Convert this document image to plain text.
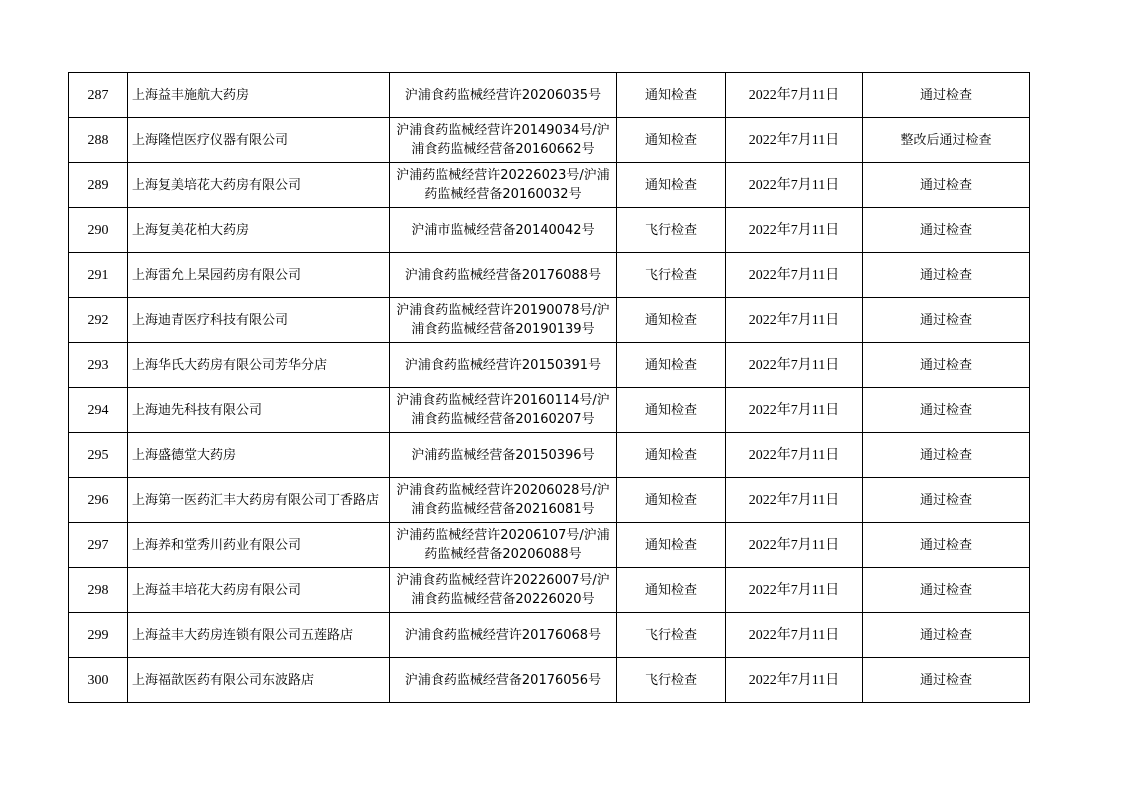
287	上海益丰施航大药房	沪浦食药监械经营许20206035号	通知检查	2022年7月11日	通过检查
288	上海隆恺医疗仪器有限公司	沪浦食药监械经营许20149034号/沪浦食药监械经营备20160662号	通知检查	2022年7月11日	整改后通过检查
289	上海复美培花大药房有限公司	沪浦药监械经营许20226023号/沪浦药监械经营备20160032号	通知检查	2022年7月11日	通过检查
290	上海复美花柏大药房	沪浦市监械经营备20140042号	飞行检查	2022年7月11日	通过检查
291	上海雷允上杲园药房有限公司	沪浦食药监械经营备20176088号	飞行检查	2022年7月11日	通过检查
292	上海迪青医疗科技有限公司	沪浦食药监械经营许20190078号/沪浦食药监械经营备20190139号	通知检查	2022年7月11日	通过检查
293	上海华氏大药房有限公司芳华分店	沪浦食药监械经营许20150391号	通知检查	2022年7月11日	通过检查
294	上海迪先科技有限公司	沪浦食药监械经营许20160114号/沪浦食药监械经营备20160207号	通知检查	2022年7月11日	通过检查
295	上海盛德堂大药房	沪浦药监械经营备20150396号	通知检查	2022年7月11日	通过检查
296	上海第一医药汇丰大药房有限公司丁香路店	沪浦食药监械经营许20206028号/沪浦食药监械经营备20216081号	通知检查	2022年7月11日	通过检查
297	上海养和堂秀川药业有限公司	沪浦药监械经营许20206107号/沪浦药监械经营备20206088号	通知检查	2022年7月11日	通过检查
298	上海益丰培花大药房有限公司	沪浦食药监械经营许20226007号/沪浦食药监械经营备20226020号	通知检查	2022年7月11日	通过检查
299	上海益丰大药房连锁有限公司五莲路店	沪浦食药监械经营许20176068号	飞行检查	2022年7月11日	通过检查
300	上海福歆医药有限公司东波路店	沪浦食药监械经营备20176056号	飞行检查	2022年7月11日	通过检查
